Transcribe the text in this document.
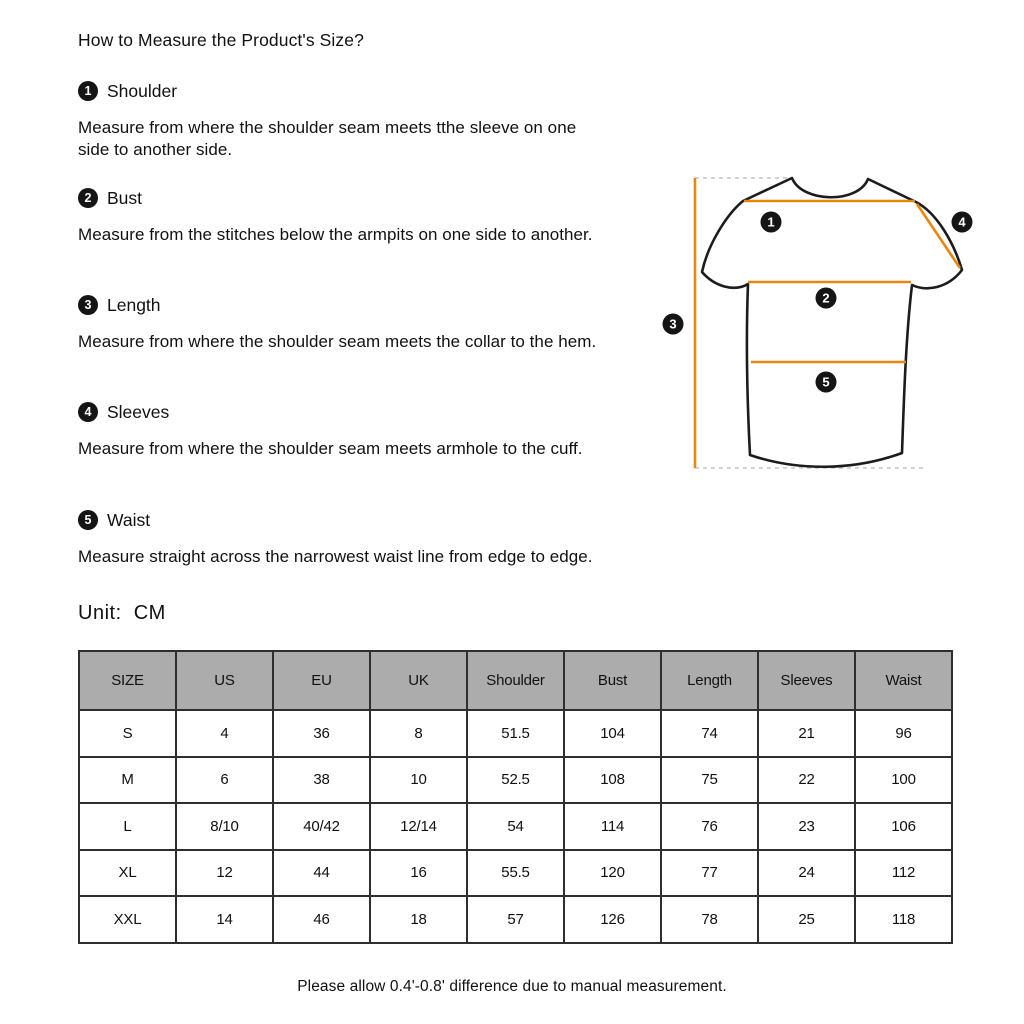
How to Measure the Product's Size?
1 Shoulder

Measure from where the shoulder seam meets tthe sleeve on one side to another side.

2 Bust

Measure from the stitches below the armpits on one side to another.

3 Length

Measure from where the shoulder seam meets the collar to the hem.

4 Sleeves

Measure from where the shoulder seam meets armhole to the cuff.

5 Waist

Measure straight across the narrowest waist line from edge to edge.

1
2
3
4
5
Unit:  CM
SIZE	US	EU	UK	Shoulder	Bust	Length	Sleeves	Waist
S	4	36	8	51.5	104	74	21	96
M	6	38	10	52.5	108	75	22	100
L	8/10	40/42	12/14	54	114	76	23	106
XL	12	44	16	55.5	120	77	24	112
XXL	14	46	18	57	126	78	25	118

Please allow 0.4'-0.8' difference due to manual measurement.
